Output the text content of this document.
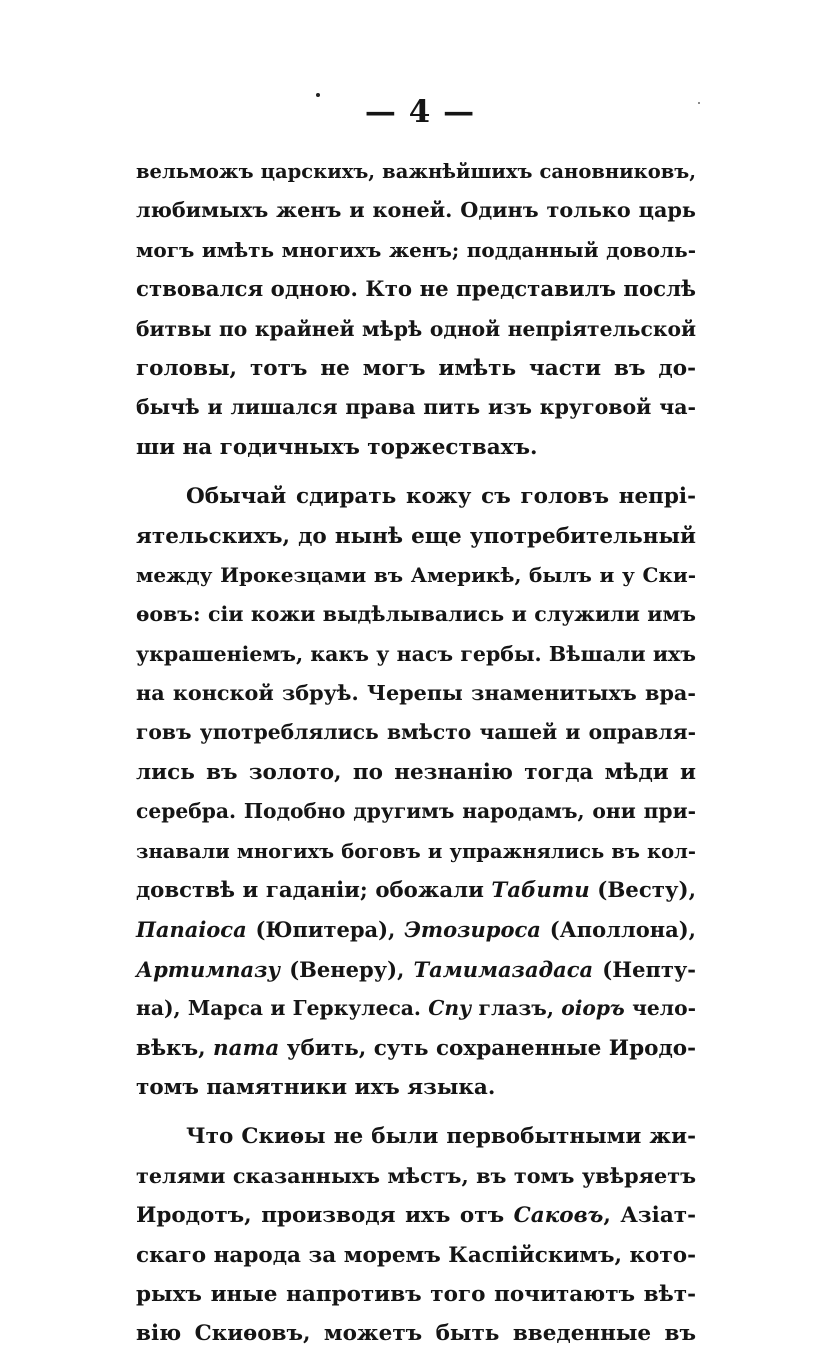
— 4 —
вельможъ царскихъ, важнѣйшихъ сановниковъ,
любимыхъ женъ и коней. Одинъ только царь
могъ имѣть многихъ женъ; подданный доволь-
ствовался одною. Кто не представилъ послѣ
битвы по крайней мѣрѣ одной непріятельской
головы, тотъ не могъ имѣть части въ до-
бычѣ и лишался права пить изъ круговой ча-
ши на годичныхъ торжествахъ.
Обычай сдирать кожу съ головъ непрі-
ятельскихъ, до нынѣ еще употребительный
между Ирокезцами въ Америкѣ, былъ и у Ски-
ѳовъ: сіи кожи выдѣлывались и служили имъ
украшеніемъ, какъ у насъ гербы. Вѣшали ихъ
на конской збруѣ. Черепы знаменитыхъ вра-
говъ употреблялись вмѣсто чашей и оправля-
лись въ золото, по незнанію тогда мѣди и
серебра. Подобно другимъ народамъ, они при-
знавали многихъ боговъ и упражнялись въ кол-
довствѣ и гаданіи; обожали Табити (Весту),
Папаіоса (Юпитера), Этозироса (Аполлона),
Артимпазу (Венеру), Тамимазадаса (Непту-
на), Марса и Геркулеса. Спу глазъ, оіоръ чело-
вѣкъ, пата убить, суть сохраненные Иродо-
томъ памятники ихъ языка.
Что Скиѳы не были первобытными жи-
телями сказанныхъ мѣстъ, въ томъ увѣряетъ
Иродотъ, производя ихъ отъ Саковъ, Азіат-
скаго народа за моремъ Каспійскимъ, кото-
рыхъ иные напротивъ того почитаютъ вѣт-
вію Скиѳовъ, можетъ быть введенные въ
